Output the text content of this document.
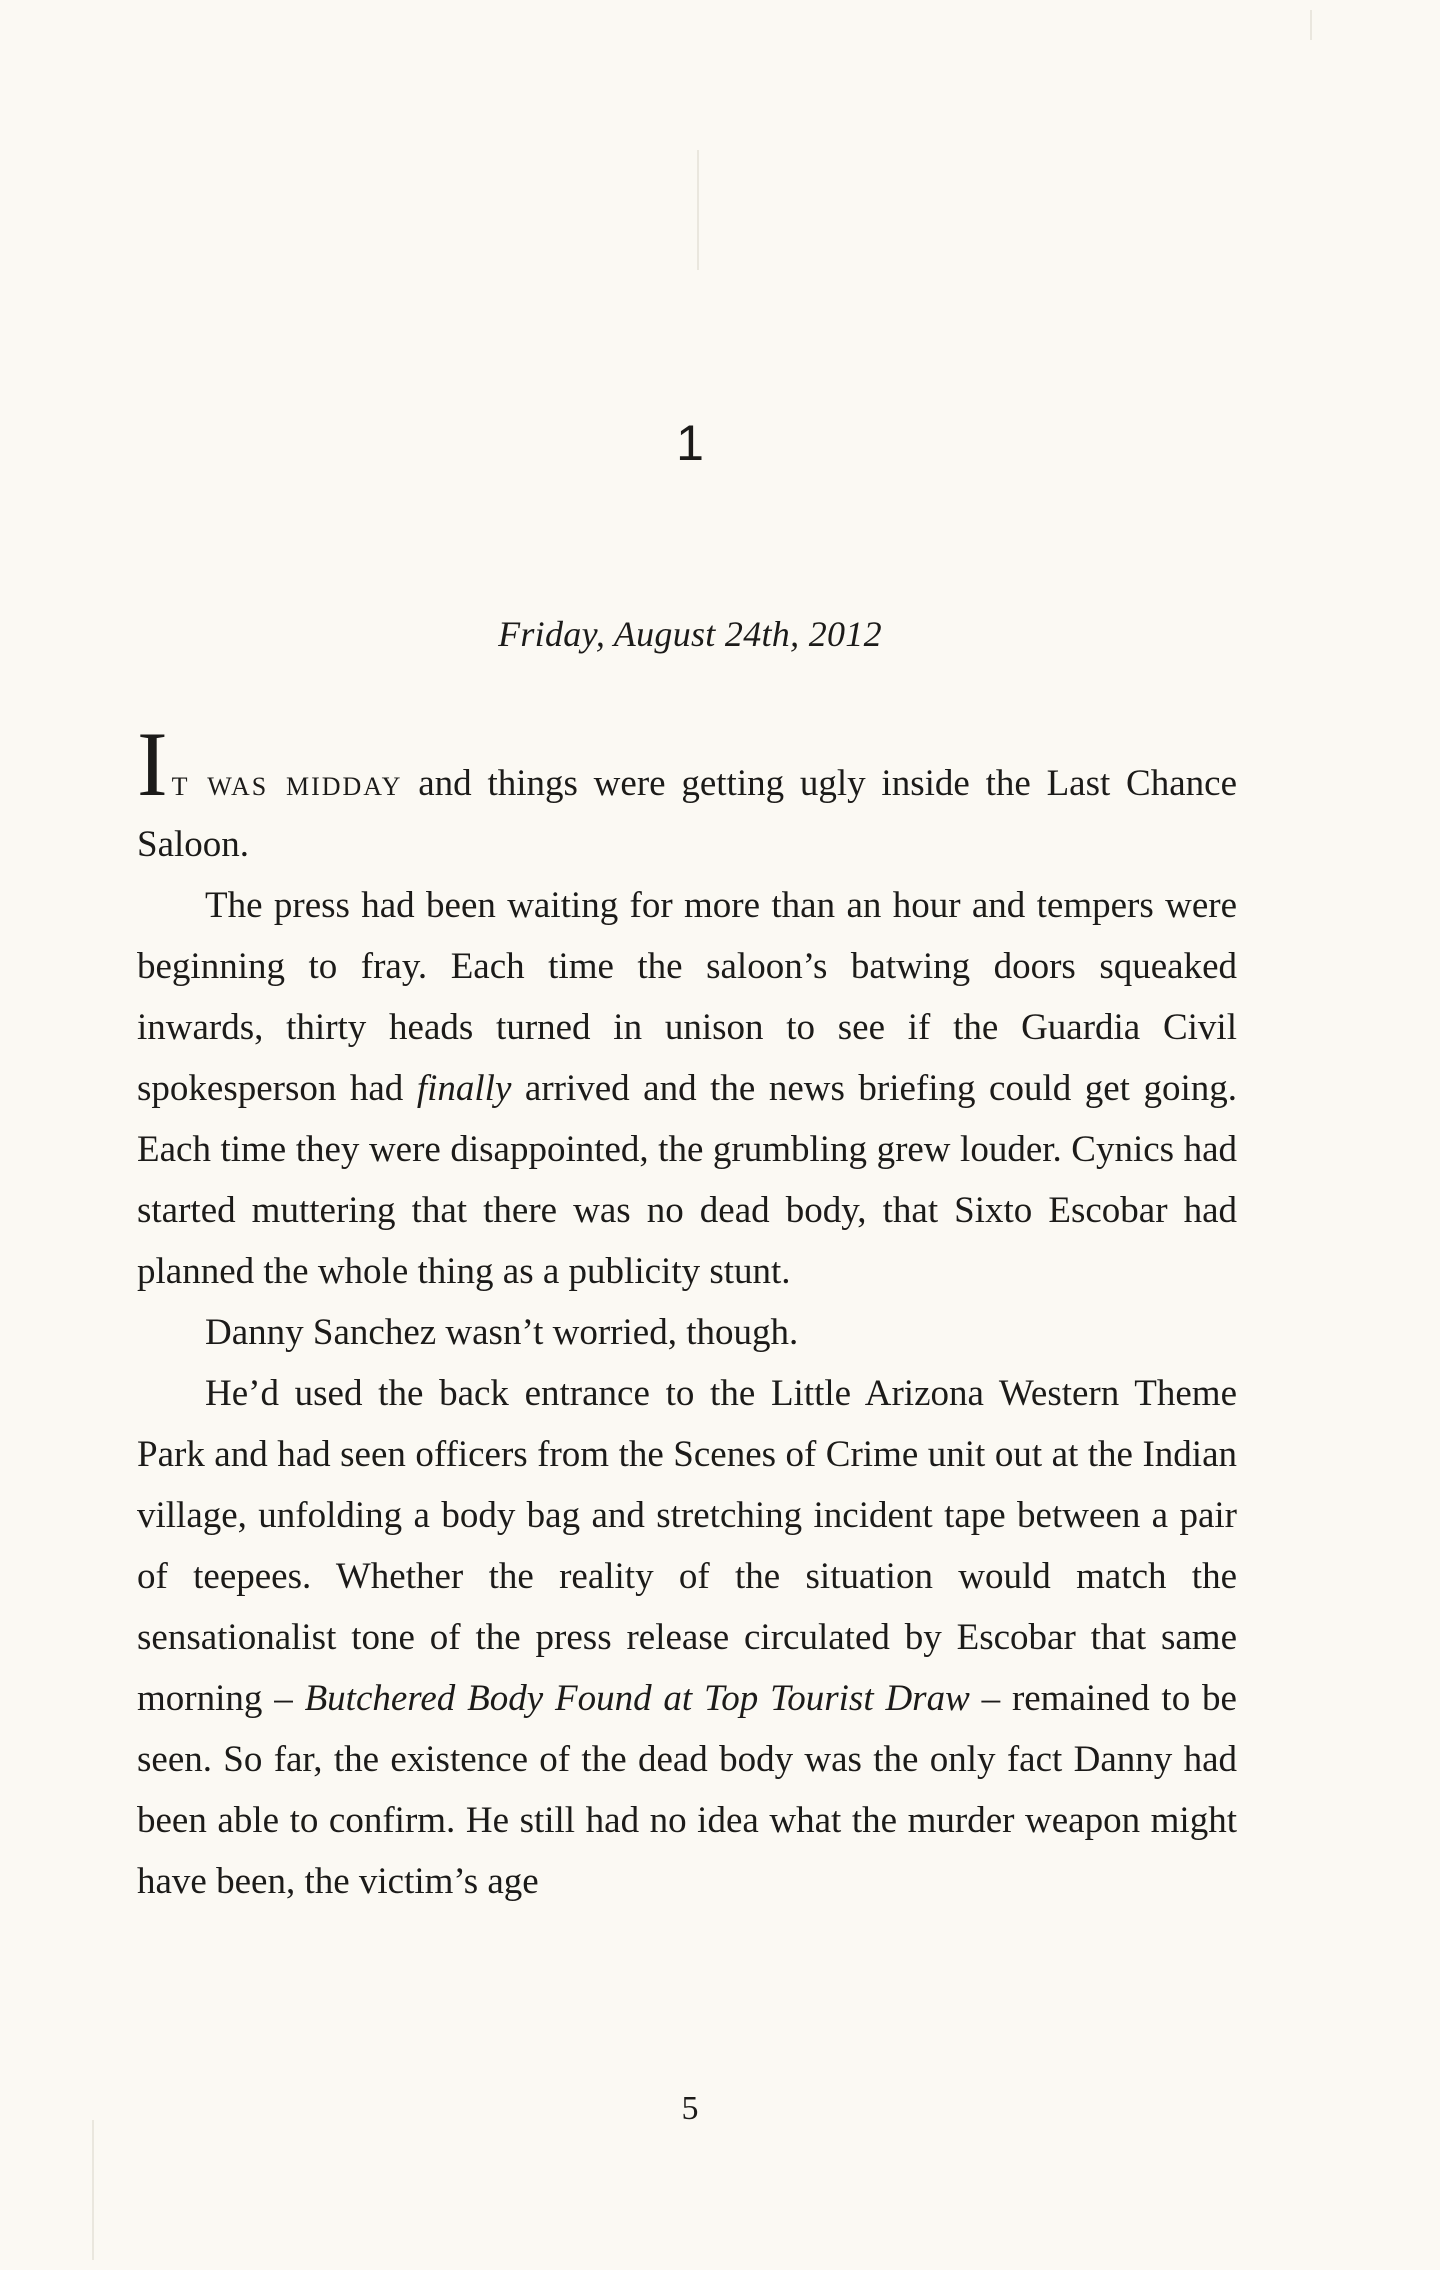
1
Friday, August 24th, 2012

It was midday and things were getting ugly inside the Last Chance Saloon.

The press had been waiting for more than an hour and tempers were beginning to fray. Each time the saloon’s batwing doors squeaked inwards, thirty heads turned in unison to see if the Guardia Civil spokesperson had finally arrived and the news briefing could get going. Each time they were disappointed, the grumbling grew louder. Cynics had started muttering that there was no dead body, that Sixto Escobar had planned the whole thing as a publicity stunt.

Danny Sanchez wasn’t worried, though.

He’d used the back entrance to the Little Arizona Western Theme Park and had seen officers from the Scenes of Crime unit out at the Indian village, unfolding a body bag and stretching incident tape between a pair of teepees. Whether the reality of the situation would match the sensationalist tone of the press release circulated by Escobar that same morning – Butchered Body Found at Top Tourist Draw – remained to be seen. So far, the existence of the dead body was the only fact Danny had been able to confirm. He still had no idea what the murder weapon might have been, the victim’s age

5
